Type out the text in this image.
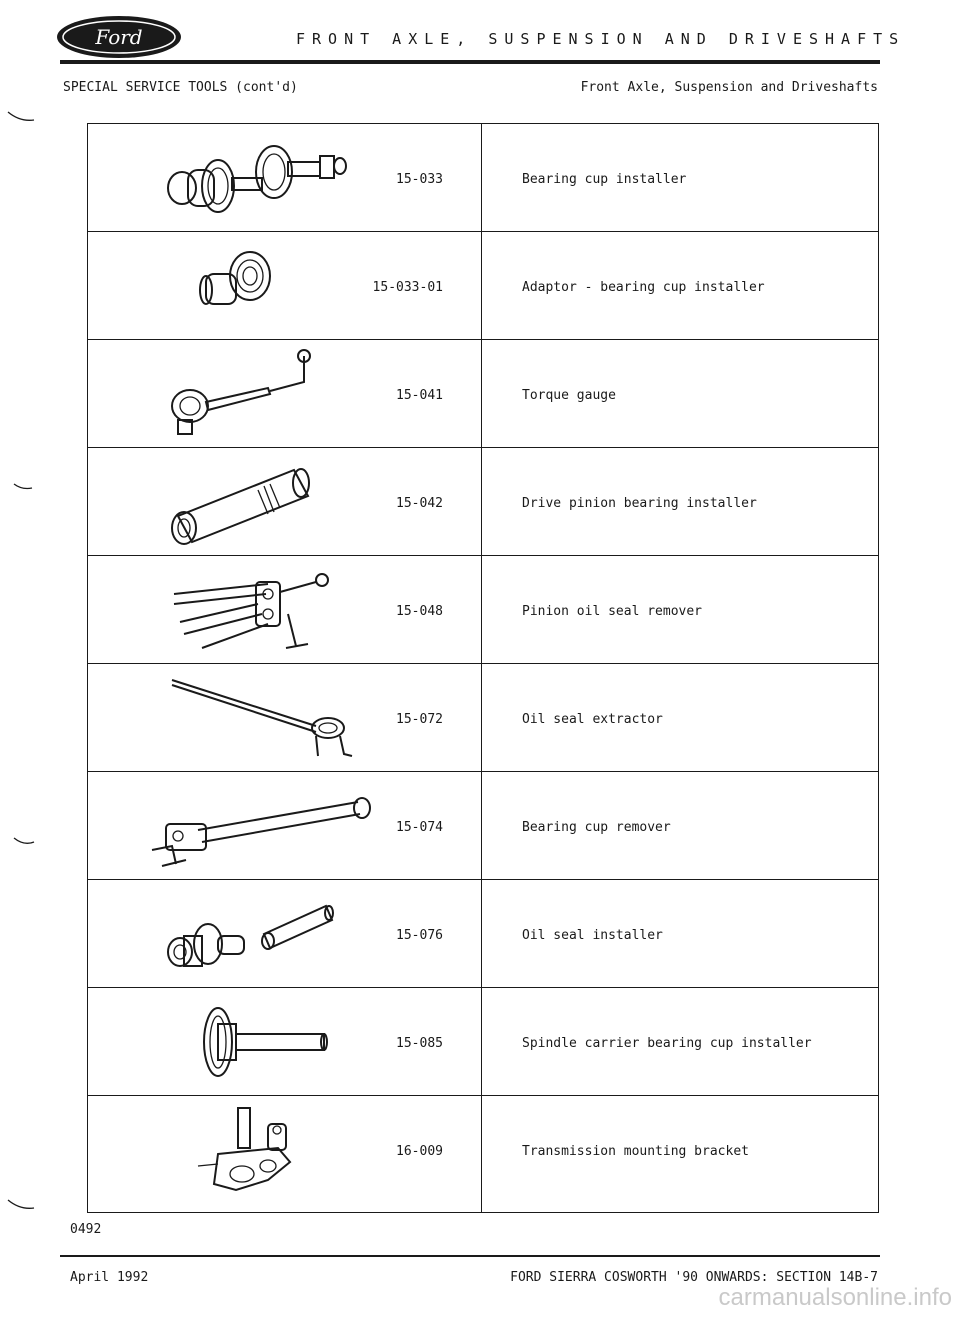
Ford	FRONT AXLE, SUSPENSION AND DRIVESHAFTS
SPECIAL SERVICE TOOLS (cont'd)	Front Axle, Suspension and Driveshafts
15-033	Bearing cup installer
15-033-01	Adaptor - bearing cup installer
15-041	Torque gauge
15-042	Drive pinion bearing installer
15-048	Pinion oil seal remover
15-072	Oil seal extractor
15-074	Bearing cup remover
15-076	Oil seal installer
15-085	Spindle carrier bearing cup installer
16-009	Transmission mounting bracket
0492
April 1992	FORD SIERRA COSWORTH '90 ONWARDS: SECTION 14B-7
carmanualsonline.info
